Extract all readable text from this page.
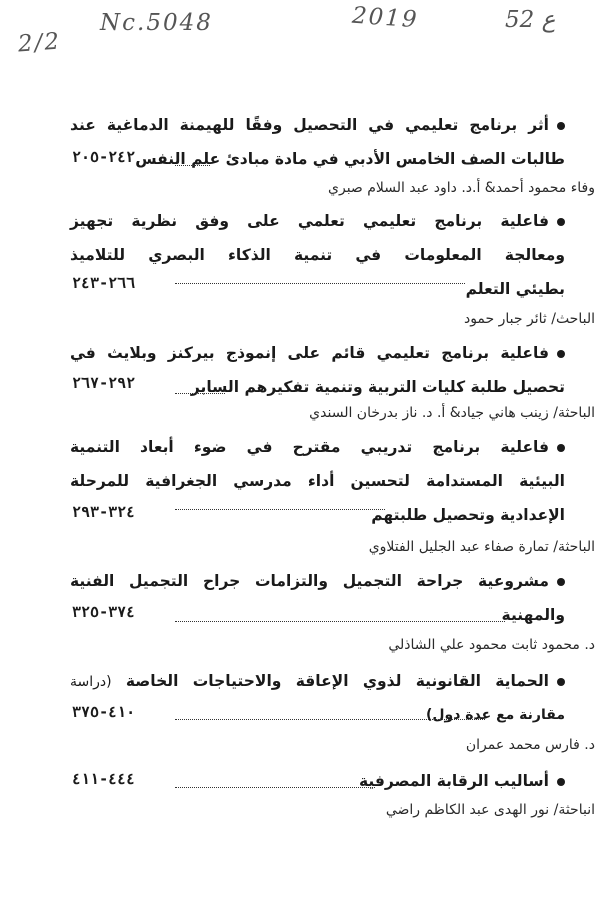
2/2
Nc.5048	2019	52 ع
أثر برنامج تعليمي في التحصيل وفقًا للهيمنة الدماغية عند
طالبات الصف الخامس الأدبي في مادة مبادئ علم النفس
٢٤٢-٢٠٥
وفاء محمود أحمد& أ.د. داود عبد السلام صبري
فاعلية برنامج تعليمي تعلمي على وفق نظرية تجهيز
ومعالجة المعلومات في تنمية الذكاء البصري للتلاميذ
بطيئي التعلم
٢٦٦-٢٤٣
الباحث/ ثائر جبار حمود
فاعلية برنامج تعليمي قائم على إنموذج بيركنز وبلايث في
تحصيل طلبة كليات التربية وتنمية تفكيرهم السابر
٢٩٢-٢٦٧
الباحثة/ زينب هاني جياد& أ. د. ناز بدرخان السندي
فاعلية برنامج تدريبي مقترح في ضوء أبعاد التنمية
البيئية المستدامة لتحسين أداء مدرسي الجغرافية للمرحلة
الإعدادية وتحصيل طلبتهم
٣٢٤-٢٩٣
الباحثة/ تمارة صفاء عبد الجليل الفتلاوي
مشروعية جراحة التجميل والتزامات جراح التجميل الفنية
والمهنية
٣٧٤-٣٢٥
د. محمود ثابت محمود علي الشاذلي
الحماية القانونية لذوي الإعاقة والاحتياجات الخاصة (دراسة
مقارنة مع عدة دول)
٤١٠-٣٧٥
د. فارس محمد عمران
أساليب الرقابة المصرفية
٤٤٤-٤١١
انباحثة/ نور الهدى عبد الكاظم راضي
